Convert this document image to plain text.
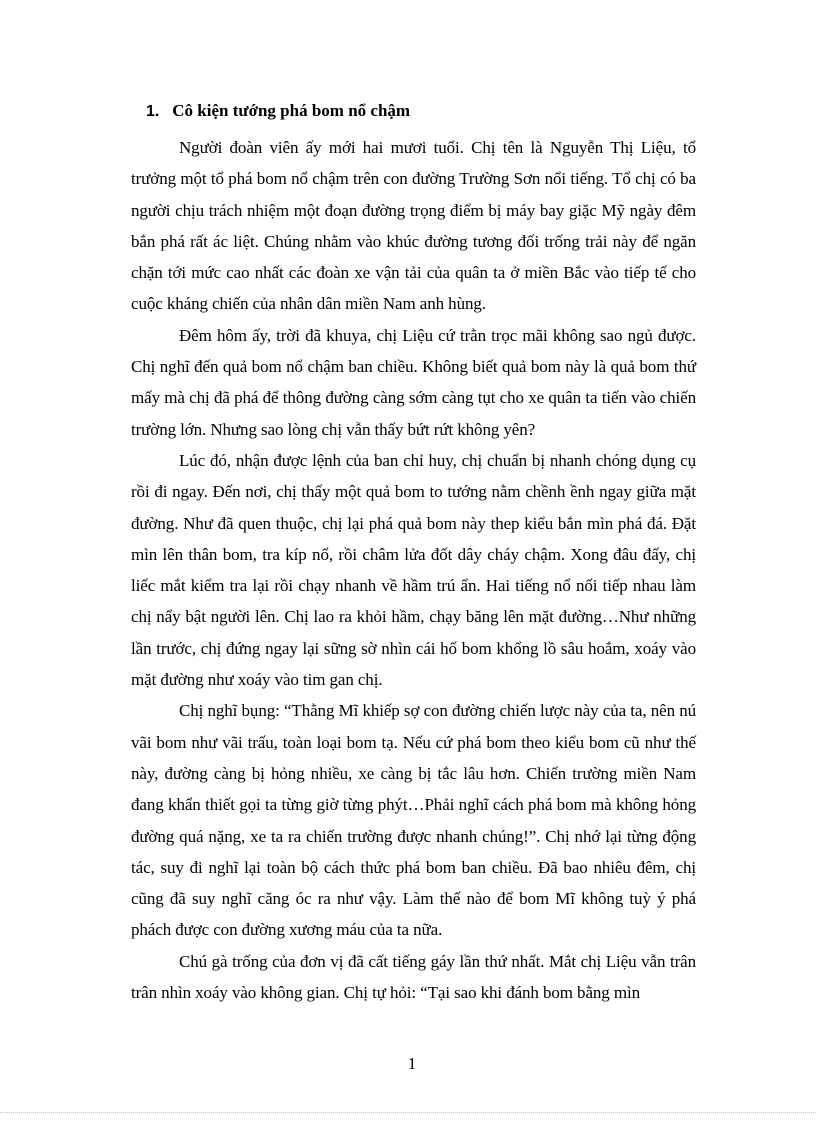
1. Cô kiện tướng phá bom nổ chậm

Người đoàn viên ấy mới hai mươi tuổi. Chị tên là Nguyễn Thị Liệu, tổ trưởng một tổ phá bom nổ chậm trên con đường Trường Sơn nổi tiếng. Tổ chị có ba người chịu trách nhiệm một đoạn đường trọng điểm bị máy bay giặc Mỹ ngày đêm bắn phá rất ác liệt. Chúng nhằm vào khúc đường tương đối trống trải này để ngăn chặn tới mức cao nhất các đoàn xe vận tải của quân ta ở miền Bắc vào tiếp tế cho cuộc kháng chiến của nhân dân miền Nam anh hùng.

Đêm hôm ấy, trời đã khuya, chị Liệu cứ trằn trọc mãi không sao ngủ được. Chị nghĩ đến quả bom nổ chậm ban chiều. Không biết quả bom này là quả bom thứ mấy mà chị đã phá để thông đường càng sớm càng tụt cho xe quân ta tiến vào chiến trường lớn. Nhưng sao lòng chị vẫn thấy bứt rứt không yên?

Lúc đó, nhận được lệnh của ban chỉ huy, chị chuẩn bị nhanh chóng dụng cụ rồi đi ngay. Đến nơi, chị thấy một quả bom to tướng nằm chềnh ềnh ngay giữa mặt đường. Như đã quen thuộc, chị lại phá quả bom này thep kiểu bắn mìn phá đá. Đặt mìn lên thân bom, tra kíp nổ, rồi châm lửa đốt dây cháy chậm. Xong đâu đấy, chị liếc mắt kiểm tra lại rồi chạy nhanh về hầm trú ẩn. Hai tiếng nổ nối tiếp nhau làm chị nẩy bật người lên. Chị lao ra khỏi hầm, chạy băng lên mặt đường…Như những lần trước, chị đứng ngay lại sững sờ nhìn cái hố bom khổng lồ sâu hoắm, xoáy vào mặt đường như xoáy vào tim gan chị.

Chị nghĩ bụng: “Thằng Mĩ khiếp sợ con đường chiến lược này của ta, nên nú vãi bom như vãi trấu, toàn loại bom tạ. Nếu cứ phá bom theo kiểu bom cũ như thế này, đường càng bị hỏng nhiều, xe càng bị tắc lâu hơn. Chiến trường miền Nam đang khẩn thiết gọi ta từng giờ từng phýt…Phải nghĩ cách phá bom mà không hỏng đường quá nặng, xe ta ra chiến trường được nhanh chúng!”. Chị nhớ lại từng động tác, suy đi nghĩ lại toàn bộ cách thức phá bom ban chiều. Đã bao nhiêu đêm, chị cũng đã suy nghĩ căng óc ra như vậy. Làm thế nào để bom Mĩ không tuỳ ý phá phách được con đường xương máu của ta nữa.

Chú gà trống của đơn vị đã cất tiếng gáy lần thứ nhất. Mắt chị Liệu vẫn trân trân nhìn xoáy vào không gian. Chị tự hỏi: “Tại sao khi đánh bom bằng mìn

1
